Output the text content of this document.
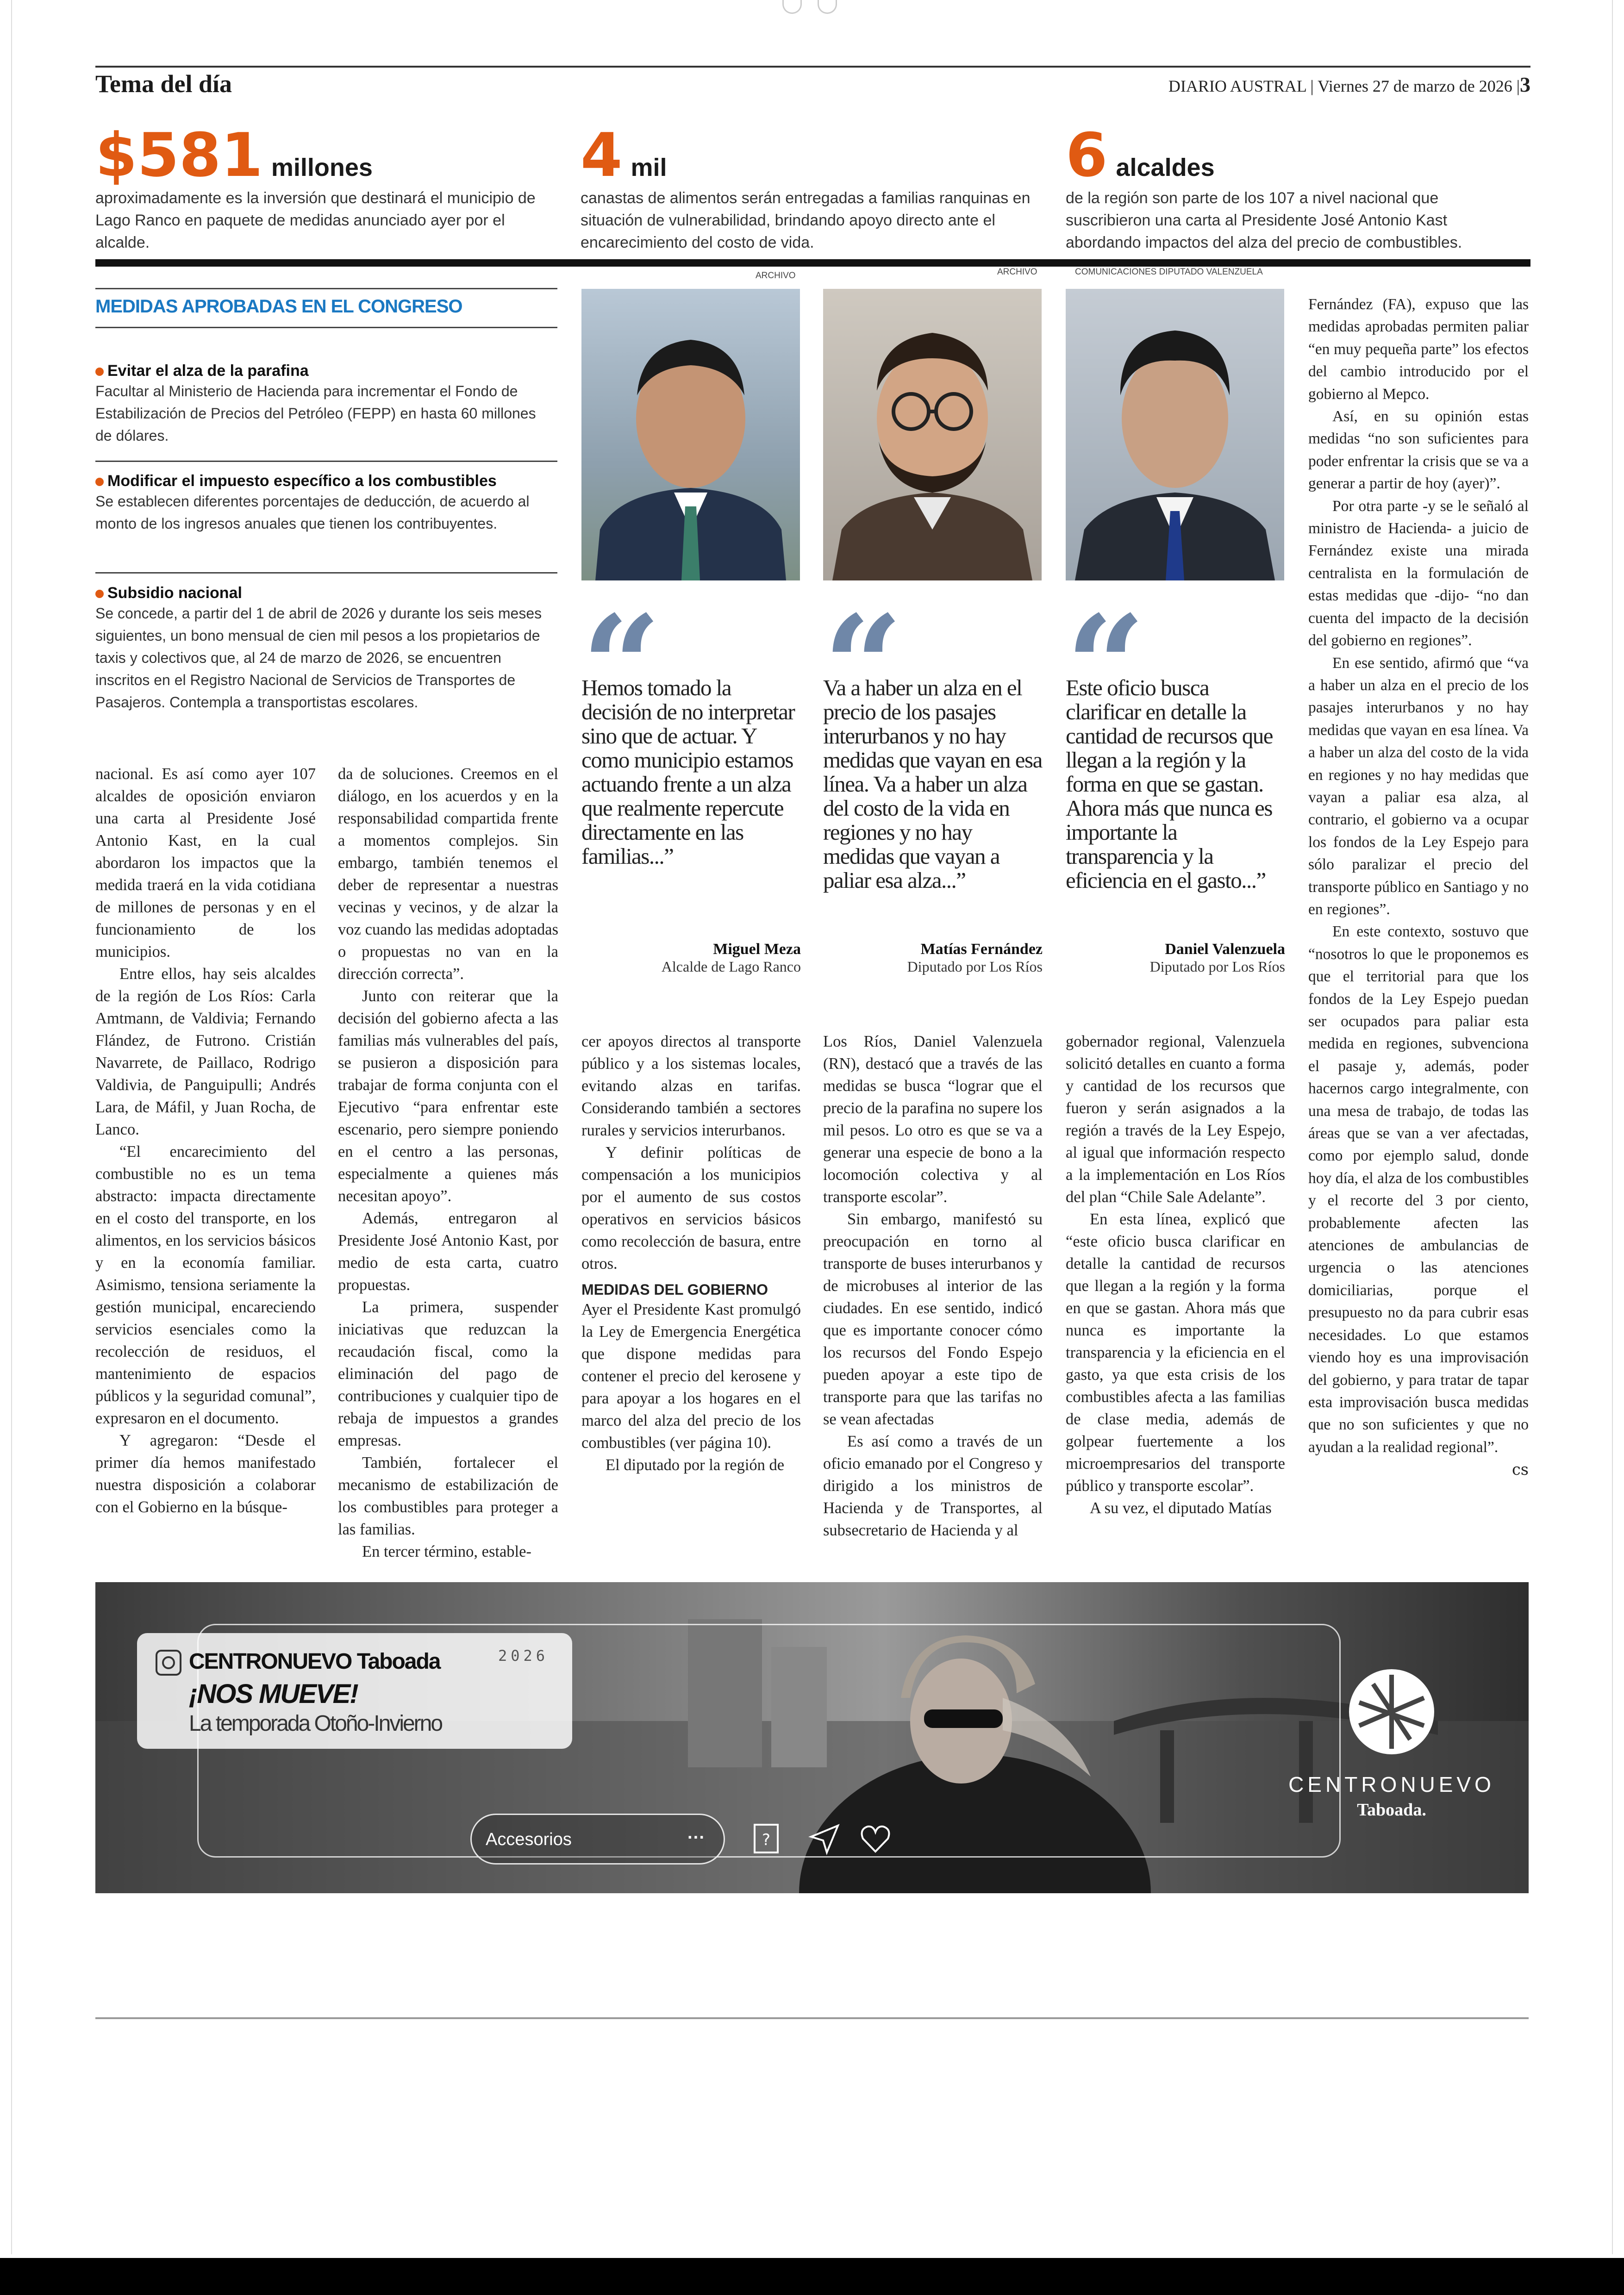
Tema del día	DIARIO AUSTRAL | Viernes 27 de marzo de 2026 |3
$581 millones
aproximadamente es la inversión que destinará el municipio de Lago Ranco en paquete de medidas anunciado ayer por el alcalde.
4 mil
canastas de alimentos serán entregadas a familias ranquinas en situación de vulnerabilidad, brindando apoyo directo ante el encarecimiento del costo de vida.
6 alcaldes
de la región son parte de los 107 a nivel nacional que suscribieron una carta al Presidente José Antonio Kast abordando impactos del alza del precio de combustibles.
MEDIDAS APROBADAS EN EL CONGRESO
Evitar el alza de la parafina

Facultar al Ministerio de Hacienda para incrementar el Fondo de Estabilización de Precios del Petróleo (FEPP) en hasta 60 millones de dólares.

Modificar el impuesto específico a los combustibles

Se establecen diferentes porcentajes de deducción, de acuerdo al monto de los ingresos anuales que tienen los contribuyentes.

Subsidio nacional

Se concede, a partir del 1 de abril de 2026 y durante los seis meses siguientes, un bono mensual de cien mil pesos a los propietarios de taxis y colectivos que, al 24 de marzo de 2026, se encuentren inscritos en el Registro Nacional de Servicios de Transportes de Pasajeros. Contempla a transportistas escolares.

ARCHIVO	ARCHIVO	COMUNICACIONES DIPUTADO VALENZUELA
Hemos tomado la decisión de no interpretar sino que de actuar. Y como municipio estamos actuando frente a un alza que realmente repercute directamente en las familias...”
Miguel Meza
Alcalde de Lago Ranco
Va a haber un alza en el precio de los pasajes interurbanos y no hay medidas que vayan en esa línea. Va a haber un alza del costo de la vida en regiones y no hay medidas que vayan a paliar esa alza...”
Matías Fernández
Diputado por Los Ríos
Este oficio busca clarificar en detalle la cantidad de recursos que llegan a la región y la forma en que se gastan. Ahora más que nunca es importante la transparencia y la eficiencia en el gasto...”
Daniel Valenzuela
Diputado por Los Ríos

nacional. Es así como ayer 107 alcaldes de oposición enviaron una carta al Presidente José Antonio Kast, en la cual abordaron los impactos que la medida traerá en la vida cotidiana de millones de personas y en el funcionamiento de los municipios.

Entre ellos, hay seis alcaldes de la región de Los Ríos: Carla Amtmann, de Valdivia; Fernando Flández, de Futrono. Cristián Navarrete, de Paillaco, Rodrigo Valdivia, de Panguipulli; Andrés Lara, de Máfil, y Juan Rocha, de Lanco.

“El encarecimiento del combustible no es un tema abstracto: impacta directamente en el costo del transporte, en los alimentos, en los servicios básicos y en la economía familiar. Asimismo, tensiona seriamente la gestión municipal, encareciendo servicios esenciales como la recolección de residuos, el mantenimiento de espacios públicos y la seguridad comunal”, expresaron en el documento.

Y agregaron: “Desde el primer día hemos manifestado nuestra disposición a colaborar con el Gobierno en la búsque-

da de soluciones. Creemos en el diálogo, en los acuerdos y en la responsabilidad compartida frente a momentos complejos. Sin embargo, también tenemos el deber de representar a nuestras vecinas y vecinos, y de alzar la voz cuando las medidas adoptadas o propuestas no van en la dirección correcta”.

Junto con reiterar que la decisión del gobierno afecta a las familias más vulnerables del país, se pusieron a disposición para trabajar de forma conjunta con el Ejecutivo “para enfrentar este escenario, pero siempre poniendo en el centro a las personas, especialmente a quienes más necesitan apoyo”.

Además, entregaron al Presidente José Antonio Kast, por medio de esta carta, cuatro propuestas.

La primera, suspender iniciativas que reduzcan la recaudación fiscal, como la eliminación del pago de contribuciones y cualquier tipo de rebaja de impuestos a grandes empresas.

También, fortalecer el mecanismo de estabilización de los combustibles para proteger a las familias.

En tercer término, estable-

cer apoyos directos al transporte público y a los sistemas locales, evitando alzas en tarifas. Considerando también a sectores rurales y servicios interurbanos.

Y definir políticas de compensación a los municipios por el aumento de sus costos operativos en servicios básicos como recolección de basura, entre otros.

MEDIDAS DEL GOBIERNO

Ayer el Presidente Kast promulgó la Ley de Emergencia Energética que dispone medidas para contener el precio del kerosene y para apoyar a los hogares en el marco del alza del precio de los combustibles (ver página 10).

El diputado por la región de

Los Ríos, Daniel Valenzuela (RN), destacó que a través de las medidas se busca “lograr que el precio de la parafina no supere los mil pesos. Lo otro es que se va a generar una especie de bono a la locomoción colectiva y al transporte escolar”.

Sin embargo, manifestó su preocupación en torno al transporte de buses interurbanos y de microbuses al interior de las ciudades. En ese sentido, indicó que es importante conocer cómo los recursos del Fondo Espejo pueden apoyar a este tipo de transporte para que las tarifas no se vean afectadas

Es así como a través de un oficio emanado por el Congreso y dirigido a los ministros de Hacienda y de Transportes, al subsecretario de Hacienda y al

gobernador regional, Valenzuela solicitó detalles en cuanto a forma y cantidad de los recursos que fueron y serán asignados a la región a través de la Ley Espejo, al igual que información respecto a la implementación en Los Ríos del plan “Chile Sale Adelante”.

En esta línea, explicó que “este oficio busca clarificar en detalle la cantidad de recursos que llegan a la región y la forma en que se gastan. Ahora más que nunca es importante la transparencia y la eficiencia en el gasto, ya que esta crisis de los combustibles afecta a las familias de clase media, además de golpear fuertemente a los microempresarios del transporte público y transporte escolar”.

A su vez, el diputado Matías

Fernández (FA), expuso que las medidas aprobadas permiten paliar “en muy pequeña parte” los efectos del cambio introducido por el gobierno al Mepco.

Así, en su opinión estas medidas “no son suficientes para poder enfrentar la crisis que se va a generar a partir de hoy (ayer)”.

Por otra parte -y se le señaló al ministro de Hacienda- a juicio de Fernández existe una mirada centralista en la formulación de estas medidas que -dijo- “no dan cuenta del impacto de la decisión del gobierno en regiones”.

En ese sentido, afirmó que “va a haber un alza en el precio de los pasajes interurbanos y no hay medidas que vayan en esa línea. Va a haber un alza del costo de la vida en regiones y no hay medidas que vayan a paliar esa alza, al contrario, el gobierno va a ocupar los fondos de la Ley Espejo para sólo paralizar el precio del transporte público en Santiago y no en regiones”.

En este contexto, sostuvo que “nosotros lo que le proponemos es que el territorial para que los fondos de la Ley Espejo puedan ser ocupados para paliar esta medida en regiones, subvenciona el pasaje y, además, poder hacernos cargo integralmente, con una mesa de trabajo, de todas las áreas que se van a ver afectadas, como por ejemplo salud, donde hoy día, el alza de los combustibles y el recorte del 3 por ciento, probablemente afecten las atenciones de ambulancias de urgencia o las atenciones domiciliarias, porque el presupuesto no da para cubrir esas necesidades. Lo que estamos viendo hoy es una improvisación del gobierno, y para tratar de tapar esta improvisación busca medidas que no son suficientes y que no ayudan a la realidad regional”.

cs
CENTRONUEVO Taboada	2026
¡NOS MUEVE!
La temporada Otoño-Invierno
Accesorios	···	?
CENTRONUEVO
Taboada.
